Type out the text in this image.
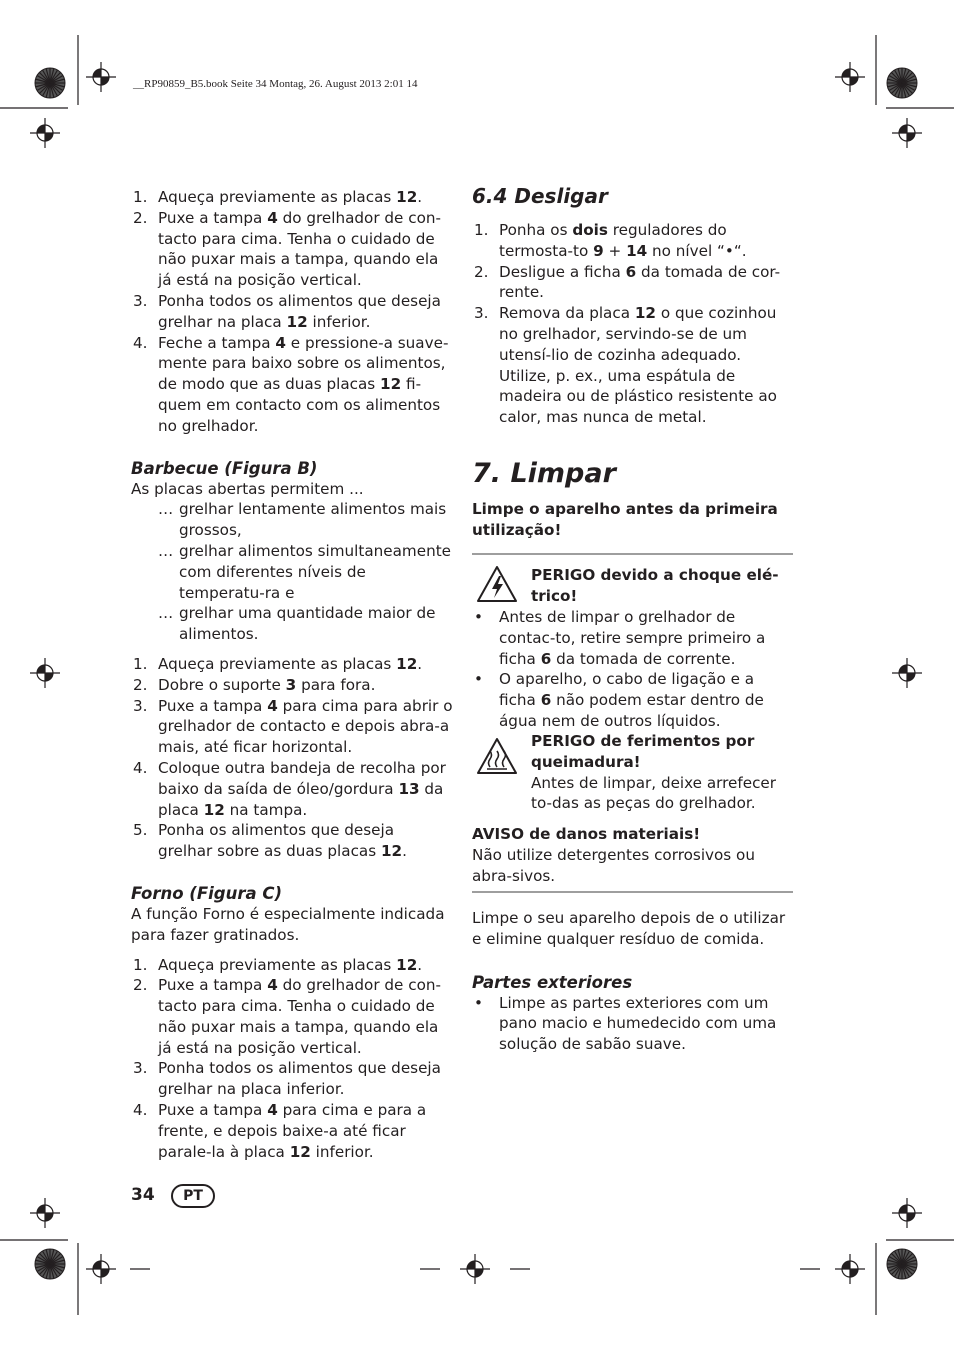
__RP90859_B5.book Seite 34 Montag, 26. August 2013 2:01 14
1. Aqueça previamente as placas 12.
2. Puxe a tampa 4 do grelhador de con-tacto para cima. Tenha o cuidado de não puxar mais a tampa, quando ela já está na posição vertical.
3. Ponha todos os alimentos que deseja grelhar na placa 12 inferior.
4. Feche a tampa 4 e pressione-a suave-mente para baixo sobre os alimentos, de modo que as duas placas 12 fi-quem em contacto com os alimentos no grelhador.
Barbecue (Figura B)

As placas abertas permitem ...

… grelhar lentamente alimentos mais grossos,
… grelhar alimentos simultaneamente com diferentes níveis de temperatu-ra e
… grelhar uma quantidade maior de alimentos.
1. Aqueça previamente as placas 12.
2. Dobre o suporte 3 para fora.
3. Puxe a tampa 4 para cima para abrir o grelhador de contacto e depois abra-a mais, até ficar horizontal.
4. Coloque outra bandeja de recolha por baixo da saída de óleo/gordura 13 da placa 12 na tampa.
5. Ponha os alimentos que deseja grelhar sobre as duas placas 12.
Forno (Figura C)

A função Forno é especialmente indicada para fazer gratinados.

1. Aqueça previamente as placas 12.
2. Puxe a tampa 4 do grelhador de con-tacto para cima. Tenha o cuidado de não puxar mais a tampa, quando ela já está na posição vertical.
3. Ponha todos os alimentos que deseja grelhar na placa inferior.
4. Puxe a tampa 4 para cima e para a frente, e depois baixe-a até ficar parale-la à placa 12 inferior.
6.4 Desligar
1. Ponha os dois reguladores do termosta-to 9 + 14 no nível “•“.
2. Desligue a ficha 6 da tomada de cor-rente.
3. Remova da placa 12 o que cozinhou no grelhador, servindo-se de um utensí-lio de cozinha adequado. Utilize, p. ex., uma espátula de madeira ou de plástico resistente ao calor, mas nunca de metal.
7. Limpar

Limpe o aparelho antes da primeira utilização!

PERIGO devido a choque elé-trico!

• Antes de limpar o grelhador de contac-to, retire sempre primeiro a ficha 6 da tomada de corrente.
• O aparelho, o cabo de ligação e a ficha 6 não podem estar dentro de água nem de outros líquidos.

PERIGO de ferimentos por queimadura!

Antes de limpar, deixe arrefecer to-das as peças do grelhador.

AVISO de danos materiais!

Não utilize detergentes corrosivos ou abra-sivos.

Limpe o seu aparelho depois de o utilizar e elimine qualquer resíduo de comida.

Partes exteriores
• Limpe as partes exteriores com um pano macio e humedecido com uma solução de sabão suave.
34	PT
